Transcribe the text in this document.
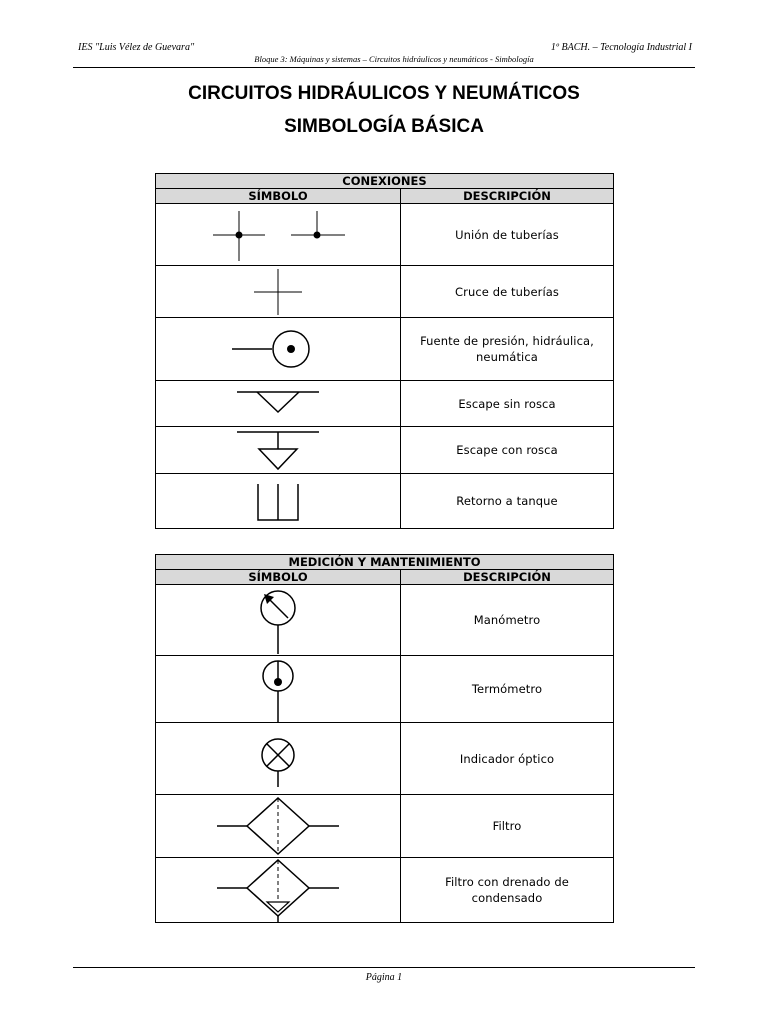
IES "Luis Vélez de Guevara"	1º BACH. – Tecnología Industrial I
Bloque 3: Máquinas y sistemas – Circuitos hidráulicos y neumáticos - Simbología
CIRCUITOS HIDRÁULICOS Y NEUMÁTICOS
SIMBOLOGÍA BÁSICA
CONEXIONES	
SÍMBOLO	DESCRIPCIÓN

	Unión de tuberías

	Cruce de tuberías

	Fuente de presión, hidráulica, neumática

	Escape sin rosca

	Escape con rosca

	Retorno a tanque
MEDICIÓN Y MANTENIMIENTO	
SÍMBOLO	DESCRIPCIÓN

	Manómetro

	Termómetro

	Indicador óptico

	Filtro

	Filtro con drenado de condensado
Página 1
